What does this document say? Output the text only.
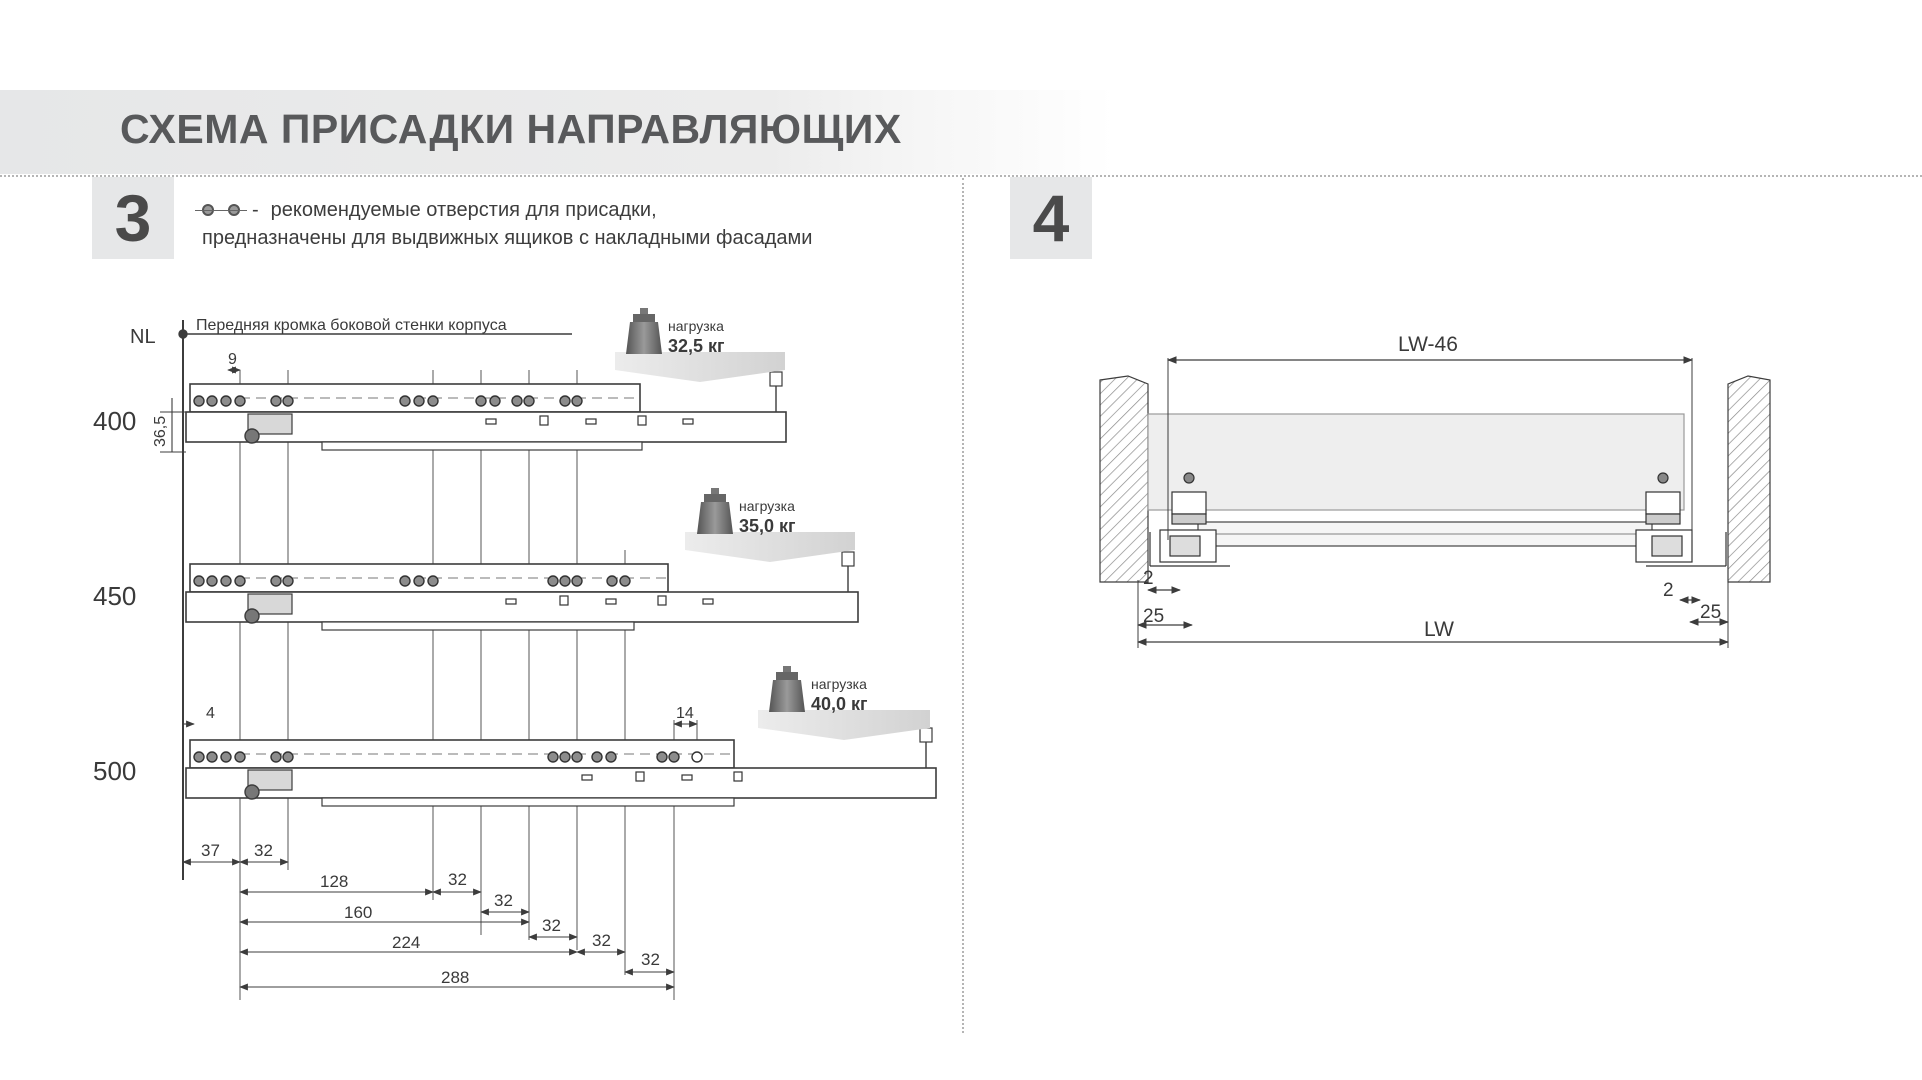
СХЕМА ПРИСАДКИ НАПРАВЛЯЮЩИХ
3	4
- рекомендуемые отверстия для присадки,
предназначены для выдвижных ящиков с накладными фасадами
NL
Передняя кромка боковой стенки корпуса
400
450
500
нагрузка
32,5 кг
нагрузка
35,0 кг
нагрузка
40,0 кг
9
36,5
4	14
37 32
128	32
32
160
32
224	32
32
288
LW-46
LW
2
25
2
25
